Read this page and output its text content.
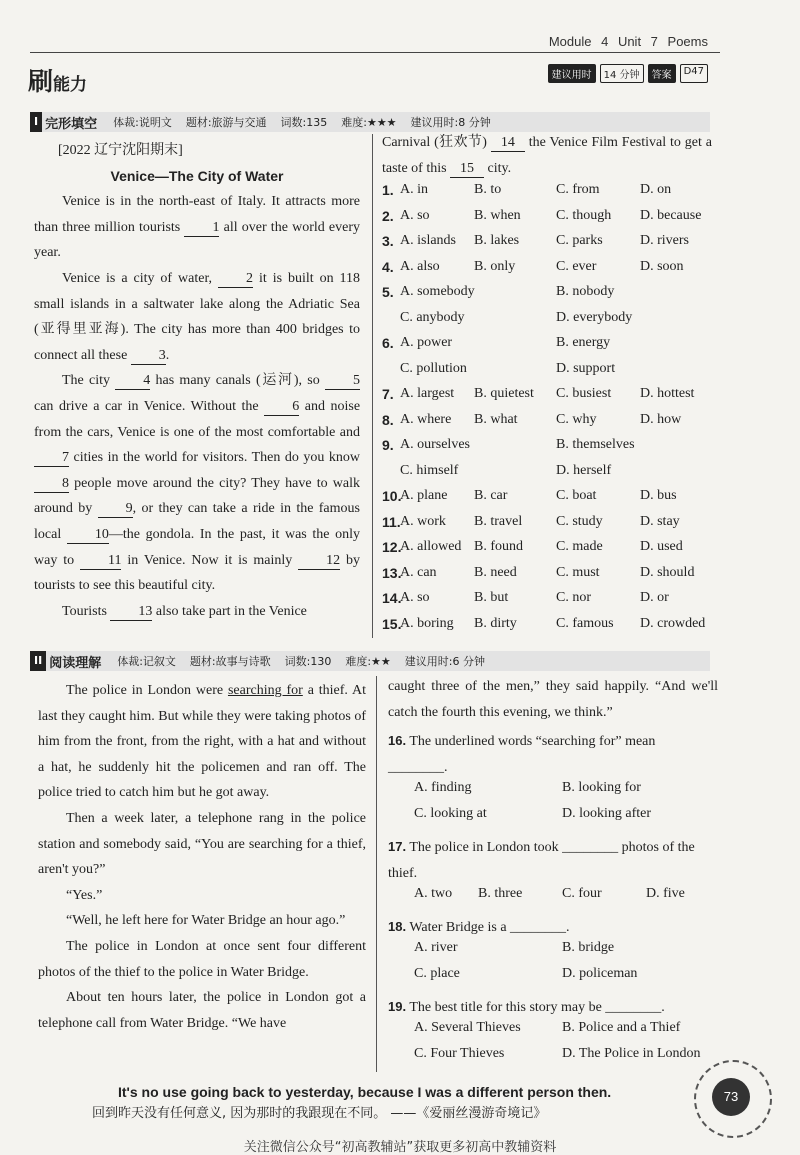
Module 4 Unit 7 Poems
刷能力	建议用时	14 分钟	答案	D47
I 完形填空 体裁:说明文 题材:旅游与交通 词数:135 难度:★★★ 建议用时:8 分钟

[2022 辽宁沈阳期末]

Venice—The City of Water

Venice is in the north-east of Italy. It attracts more than three million tourists 1 all over the world every year.

Venice is a city of water, 2 it is built on 118 small islands in a saltwater lake along the Adriatic Sea (亚得里亚海). The city has more than 400 bridges to connect all these 3.

The city 4 has many canals (运河), so 5 can drive a car in Venice. Without the 6 and noise from the cars, Venice is one of the most comfortable and 7 cities in the world for visitors. Then do you know 8 people move around the city? They have to walk around by 9, or they can take a ride in the famous local 10—the gondola. In the past, it was the only way to 11 in Venice. Now it is mainly 12 by tourists to see this beautiful city.

Tourists 13 also take part in the Venice

Carnival (狂欢节) 14 the Venice Film Festival to get a taste of this 15 city.

1. A. in	B. to	C. from	D. on
2. A. so	B. when	C. though D. because
3. A. islands B. lakes	C. parks	D. rivers
4. A. also B. only	C. ever	D. soon
5. A. somebody	B. nobody
C. anybody	D. everybody
6. A. power	B. energy
C. pollution	D. support
7. A. largest B. quietest C. busiest D. hottest
8. A. where B. what	C. why	D. how
9. A. ourselves	B. themselves
C. himself	D. herself
10.
A. plane B. car	C. boat	D. bus
11. A. work B. travel C. study	D. stay
12.
A. allowed B. found C. made	D. used
13.
A. can	B. need	C. must	D. should
14.
A. so	B. but	C. nor	D. or
15.
A. boring B. dirty	C. famous D. crowded
II 阅读理解 体裁:记叙文 题材:故事与诗歌 词数:130 难度:★★ 建议用时:6 分钟

The police in London were searching for a thief. At last they caught him. But while they were taking photos of him from the front, from the right, with a hat and without a hat, he suddenly hit the policemen and ran off. The police tried to catch him but he got away.

Then a week later, a telephone rang in the police station and somebody said, “You are searching for a thief, aren't you?”

“Yes.”

“Well, he left here for Water Bridge an hour ago.”

The police in London at once sent four different photos of the thief to the police in Water Bridge.

About ten hours later, the police in London got a telephone call from Water Bridge. “We have

caught three of the men,” they said happily. “And we'll catch the fourth this evening, we think.”

16. The underlined words “searching for” mean ________.
A. finding	B. looking for
C. looking at	D. looking after
17. The police in London took ________ photos of the thief.
A. two B. three	C. four	D. five
18. Water Bridge is a ________.
A. river	B. bridge
C. place	D. policeman
19. The best title for this story may be ________.
A. Several Thieves	B. Police and a Thief
C. Four Thieves	D. The Police in London
73
It's no use going back to yesterday, because I was a different person then.
回到昨天没有任何意义, 因为那时的我跟现在不同。 ——《爱丽丝漫游奇境记》
关注微信公众号“初高教辅站”获取更多初高中教辅资料
